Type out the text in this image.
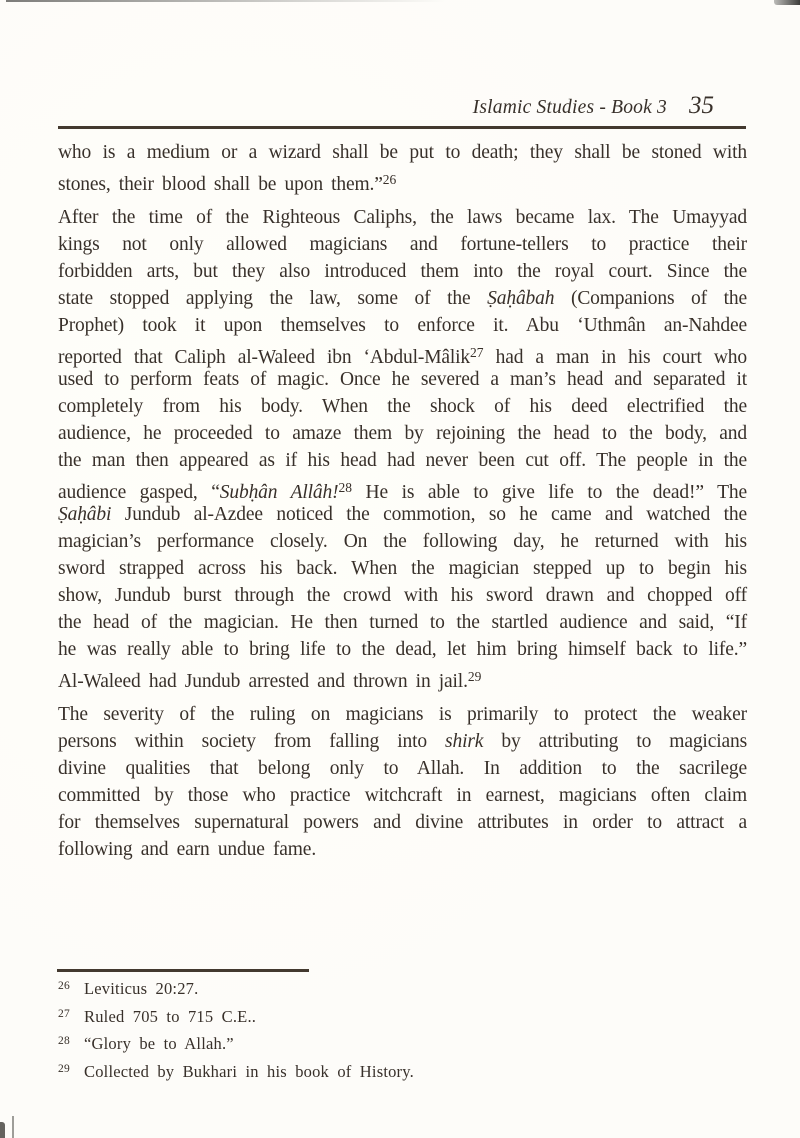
Islamic Studies - Book 3 35
who is a medium or a wizard shall be put to death; they shall be stoned with
stones, their blood shall be upon them.”$^{26}$
After the time of the Righteous Caliphs, the laws became lax. The Umayyad
kings not only allowed magicians and fortune-tellers to practice their
forbidden arts, but they also introduced them into the royal court. Since the
state stopped applying the law, some of the Ṣaḥâbah (Companions of the
Prophet) took it upon themselves to enforce it. Abu ‘Uthmân an-Nahdee
reported that Caliph al-Waleed ibn ‘Abdul-Mâlik$^{27}$ had a man in his court who
used to perform feats of magic. Once he severed a man’s head and separated it
completely from his body. When the shock of his deed electrified the
audience, he proceeded to amaze them by rejoining the head to the body, and
the man then appeared as if his head had never been cut off. The people in the
audience gasped, “Subḥân Allâh!$^{28}$ He is able to give life to the dead!” The
Ṣaḥâbi Jundub al-Azdee noticed the commotion, so he came and watched the
magician’s performance closely. On the following day, he returned with his
sword strapped across his back. When the magician stepped up to begin his
show, Jundub burst through the crowd with his sword drawn and chopped off
the head of the magician. He then turned to the startled audience and said, “If
he was really able to bring life to the dead, let him bring himself back to life.”
Al-Waleed had Jundub arrested and thrown in jail.$^{29}$
The severity of the ruling on magicians is primarily to protect the weaker
persons within society from falling into shirk by attributing to magicians
divine qualities that belong only to Allah. In addition to the sacrilege
committed by those who practice witchcraft in earnest, magicians often claim
for themselves supernatural powers and divine attributes in order to attract a
following and earn undue fame.
26 Leviticus 20:27.
27 Ruled 705 to 715 C.E..
28 “Glory be to Allah.”
29 Collected by Bukhari in his book of History.
